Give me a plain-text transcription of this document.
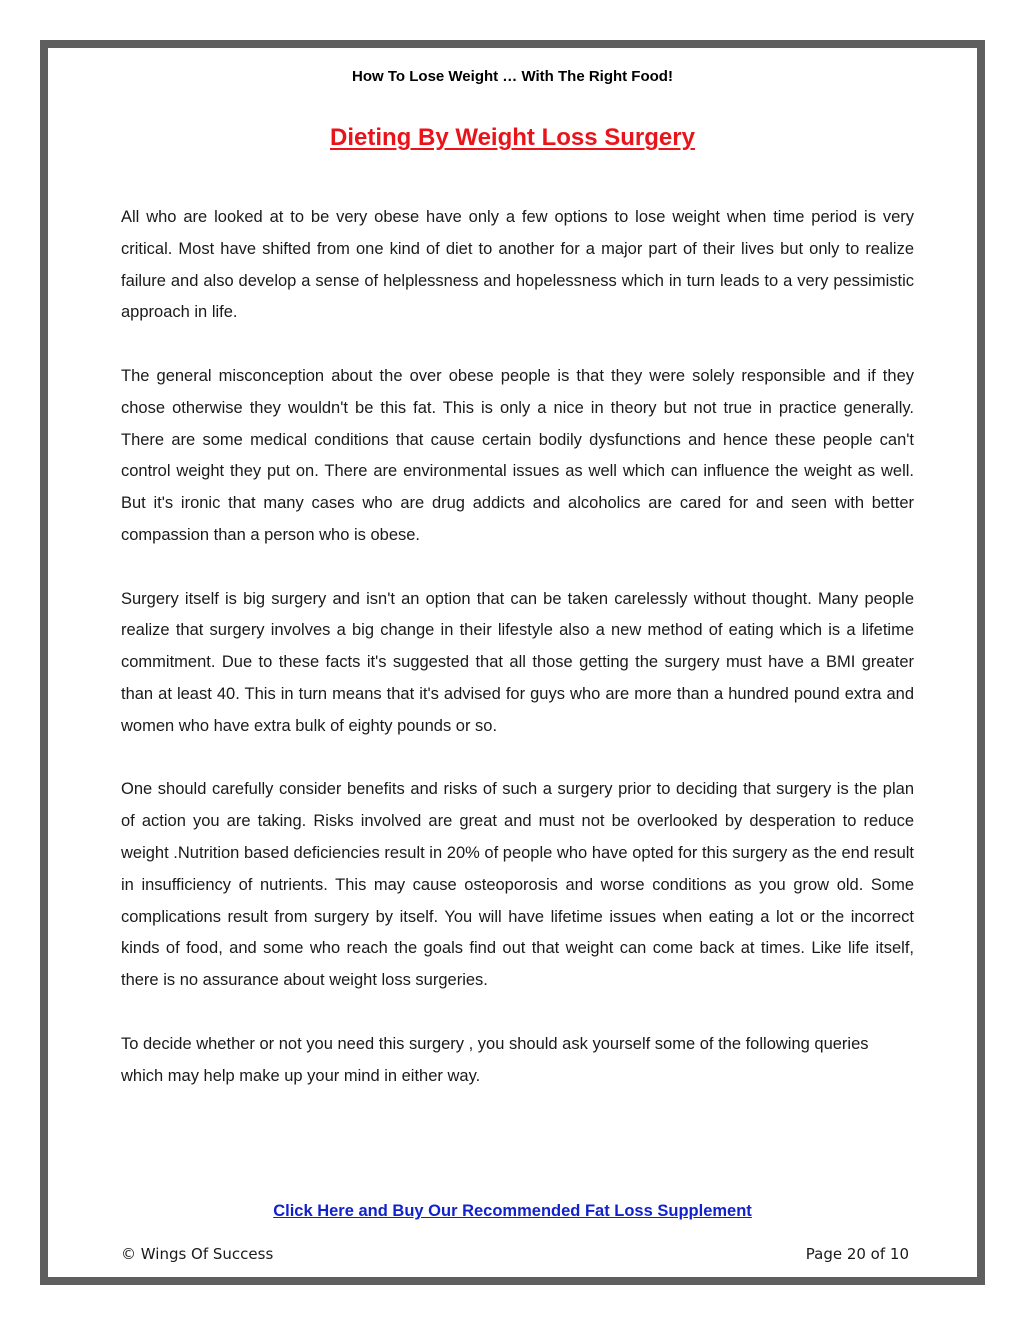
How To Lose Weight … With The Right Food!
Dieting By Weight Loss Surgery

All who are looked at to be very obese have only a few options to lose weight when time period is very critical. Most have shifted from one kind of diet to another for a major part of their lives but only to realize failure and also develop a sense of helplessness and hopelessness which in turn leads to a very pessimistic approach in life.

The general misconception about the over obese people is that they were solely responsible and if they chose otherwise they wouldn't be this fat. This is only a nice in theory but not true in practice generally. There are some medical conditions that cause certain bodily dysfunctions and hence these people can't control weight they put on. There are environmental issues as well which can influence the weight as well. But it's ironic that many cases who are drug addicts and alcoholics are cared for and seen with better compassion than a person who is obese.

Surgery itself is big surgery and isn't an option that can be taken carelessly without thought. Many people realize that surgery involves a big change in their lifestyle also a new method of eating which is a lifetime commitment. Due to these facts it's suggested that all those getting the surgery must have a BMI greater than at least 40. This in turn means that it's advised for guys who are more than a hundred pound extra and women who have extra bulk of eighty pounds or so.

One should carefully consider benefits and risks of such a surgery prior to deciding that surgery is the plan of action you are taking. Risks involved are great and must not be overlooked by desperation to reduce weight .Nutrition based deficiencies result in 20% of people who have opted for this surgery as the end result in insufficiency of nutrients. This may cause osteoporosis and worse conditions as you grow old. Some complications result from surgery by itself. You will have lifetime issues when eating a lot or the incorrect kinds of food, and some who reach the goals find out that weight can come back at times. Like life itself, there is no assurance about weight loss surgeries.

To decide whether or not you need this surgery , you should ask yourself some of the following queries which may help make up your mind in either way.

Click Here and Buy Our Recommended Fat Loss Supplement
© Wings Of Success	Page 20 of 10
